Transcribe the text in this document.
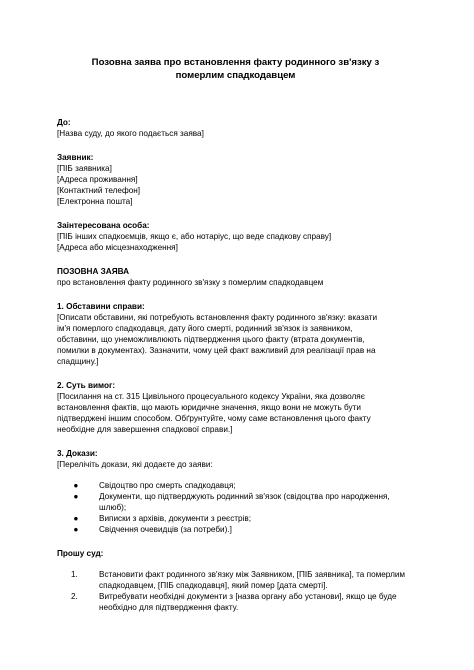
Позовна заява про встановлення факту родинного зв'язку з померлим спадкодавцем
До:
[Назва суду, до якого подається заява]
Заявник:
[ПІБ заявника]
[Адреса проживання]
[Контактний телефон]
[Електронна пошта]
Заінтересована особа:
[ПІБ інших спадкоємців, якщо є, або нотаріус, що веде спадкову справу]
[Адреса або місцезнаходження]
ПОЗОВНА ЗАЯВА
про встановлення факту родинного зв'язку з померлим спадкодавцем
1. Обставини справи:
[Описати обставини, які потребують встановлення факту родинного зв'язку: вказати
ім'я померлого спадкодавця, дату його смерті, родинний зв'язок із заявником,
обставини, що унеможливлюють підтвердження цього факту (втрата документів,
помилки в документах). Зазначити, чому цей факт важливий для реалізації прав на
спадщину.]
2. Суть вимог:
[Посилання на ст. 315 Цивільного процесуального кодексу України, яка дозволяє
встановлення фактів, що мають юридичне значення, якщо вони не можуть бути
підтверджені іншим способом. Обґрунтуйте, чому саме встановлення цього факту
необхідне для завершення спадкової справи.]
3. Докази:
[Перелічіть докази, які додаєте до заяви:
●	Свідоцтво про смерть спадкодавця;
●	Документи, що підтверджують родинний зв'язок (свідоцтва про народження,
шлюб);
●	Виписки з архівів, документи з реєстрів;
●	Свідчення очевидців (за потреби).]
Прошу суд:
1.	Встановити факт родинного зв'язку між Заявником, [ПІБ заявника], та померлим
спадкодавцем, [ПІБ спадкодавця], який помер [дата смерті].
2.	Витребувати необхідні документи з [назва органу або установи], якщо це буде
необхідно для підтвердження факту.
